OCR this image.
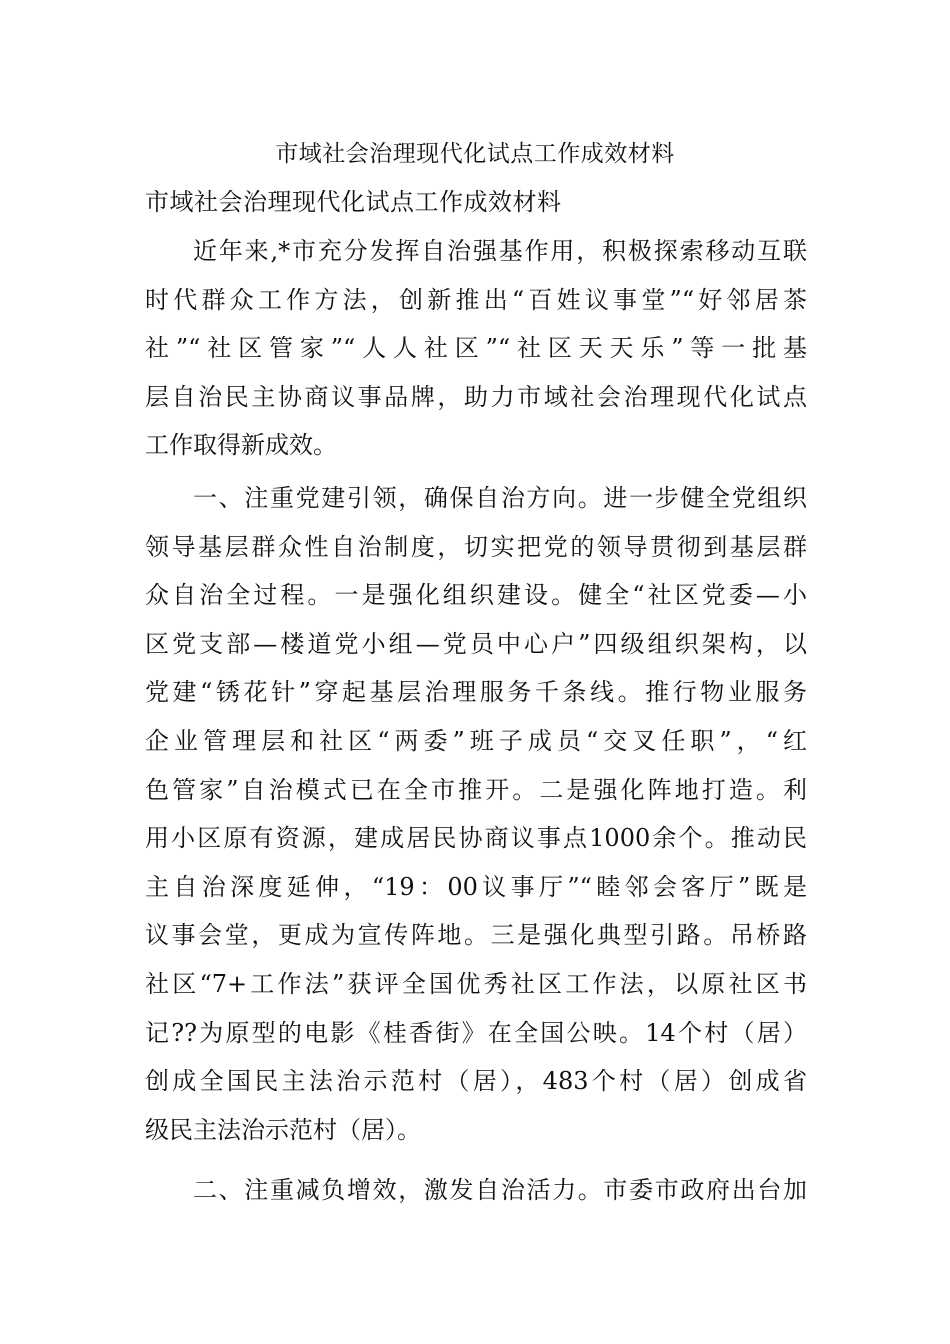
市域社会治理现代化试点工作成效材料
市域社会治理现代化试点工作成效材料
近年来,*市充分发挥自治强基作用，积极探索移动互联
时代群众工作方法，创新推出“百姓议事堂”“好邻居茶
社”“社区管家”“人人社区”“社区天天乐”等一批基
层自治民主协商议事品牌，助力市域社会治理现代化试点
工作取得新成效。
一、注重党建引领，确保自治方向。进一步健全党组织
领导基层群众性自治制度，切实把党的领导贯彻到基层群
众自治全过程。一是强化组织建设。健全“社区党委—小
区党支部—楼道党小组—党员中心户”四级组织架构，以
党建“锈花针”穿起基层治理服务千条线。推行物业服务
企业管理层和社区“两委”班子成员“交叉任职”，“红
色管家”自治模式已在全市推开。二是强化阵地打造。利
用小区原有资源，建成居民协商议事点1000余个。推动民
主自治深度延伸，“19：00议事厅”“睦邻会客厅”既是
议事会堂，更成为宣传阵地。三是强化典型引路。吊桥路
社区“7+工作法”获评全国优秀社区工作法，以原社区书
记??为原型的电影《桂香街》在全国公映。14个村（居）
创成全国民主法治示范村（居），483个村（居）创成省
级民主法治示范村（居）。
二、注重减负增效，激发自治活力。市委市政府出台加
